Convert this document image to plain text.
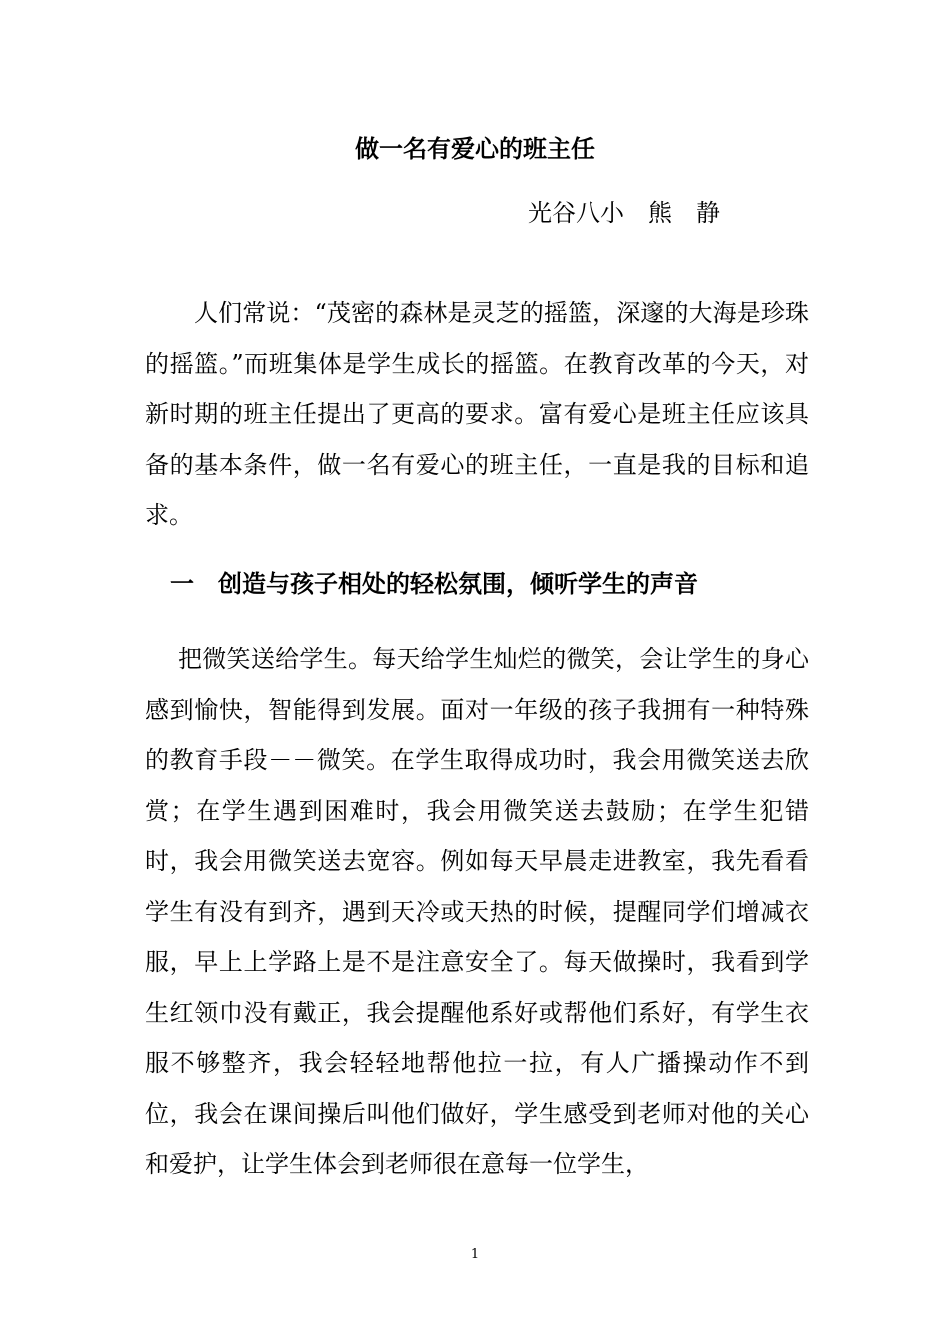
做一名有爱心的班主任
光谷八小　熊　静

人们常说：“茂密的森林是灵芝的摇篮，深邃的大海是珍珠的摇篮。”而班集体是学生成长的摇篮。在教育改革的今天，对新时期的班主任提出了更高的要求。富有爱心是班主任应该具备的基本条件，做一名有爱心的班主任，一直是我的目标和追求。

一　创造与孩子相处的轻松氛围，倾听学生的声音

把微笑送给学生。每天给学生灿烂的微笑，会让学生的身心感到愉快，智能得到发展。面对一年级的孩子我拥有一种特殊的教育手段－－微笑。在学生取得成功时，我会用微笑送去欣赏；在学生遇到困难时，我会用微笑送去鼓励；在学生犯错时，我会用微笑送去宽容。例如每天早晨走进教室，我先看看学生有没有到齐，遇到天冷或天热的时候，提醒同学们增减衣服，早上上学路上是不是注意安全了。每天做操时，我看到学生红领巾没有戴正，我会提醒他系好或帮他们系好，有学生衣服不够整齐，我会轻轻地帮他拉一拉，有人广播操动作不到位，我会在课间操后叫他们做好，学生感受到老师对他的关心和爱护，让学生体会到老师很在意每一位学生，

1
